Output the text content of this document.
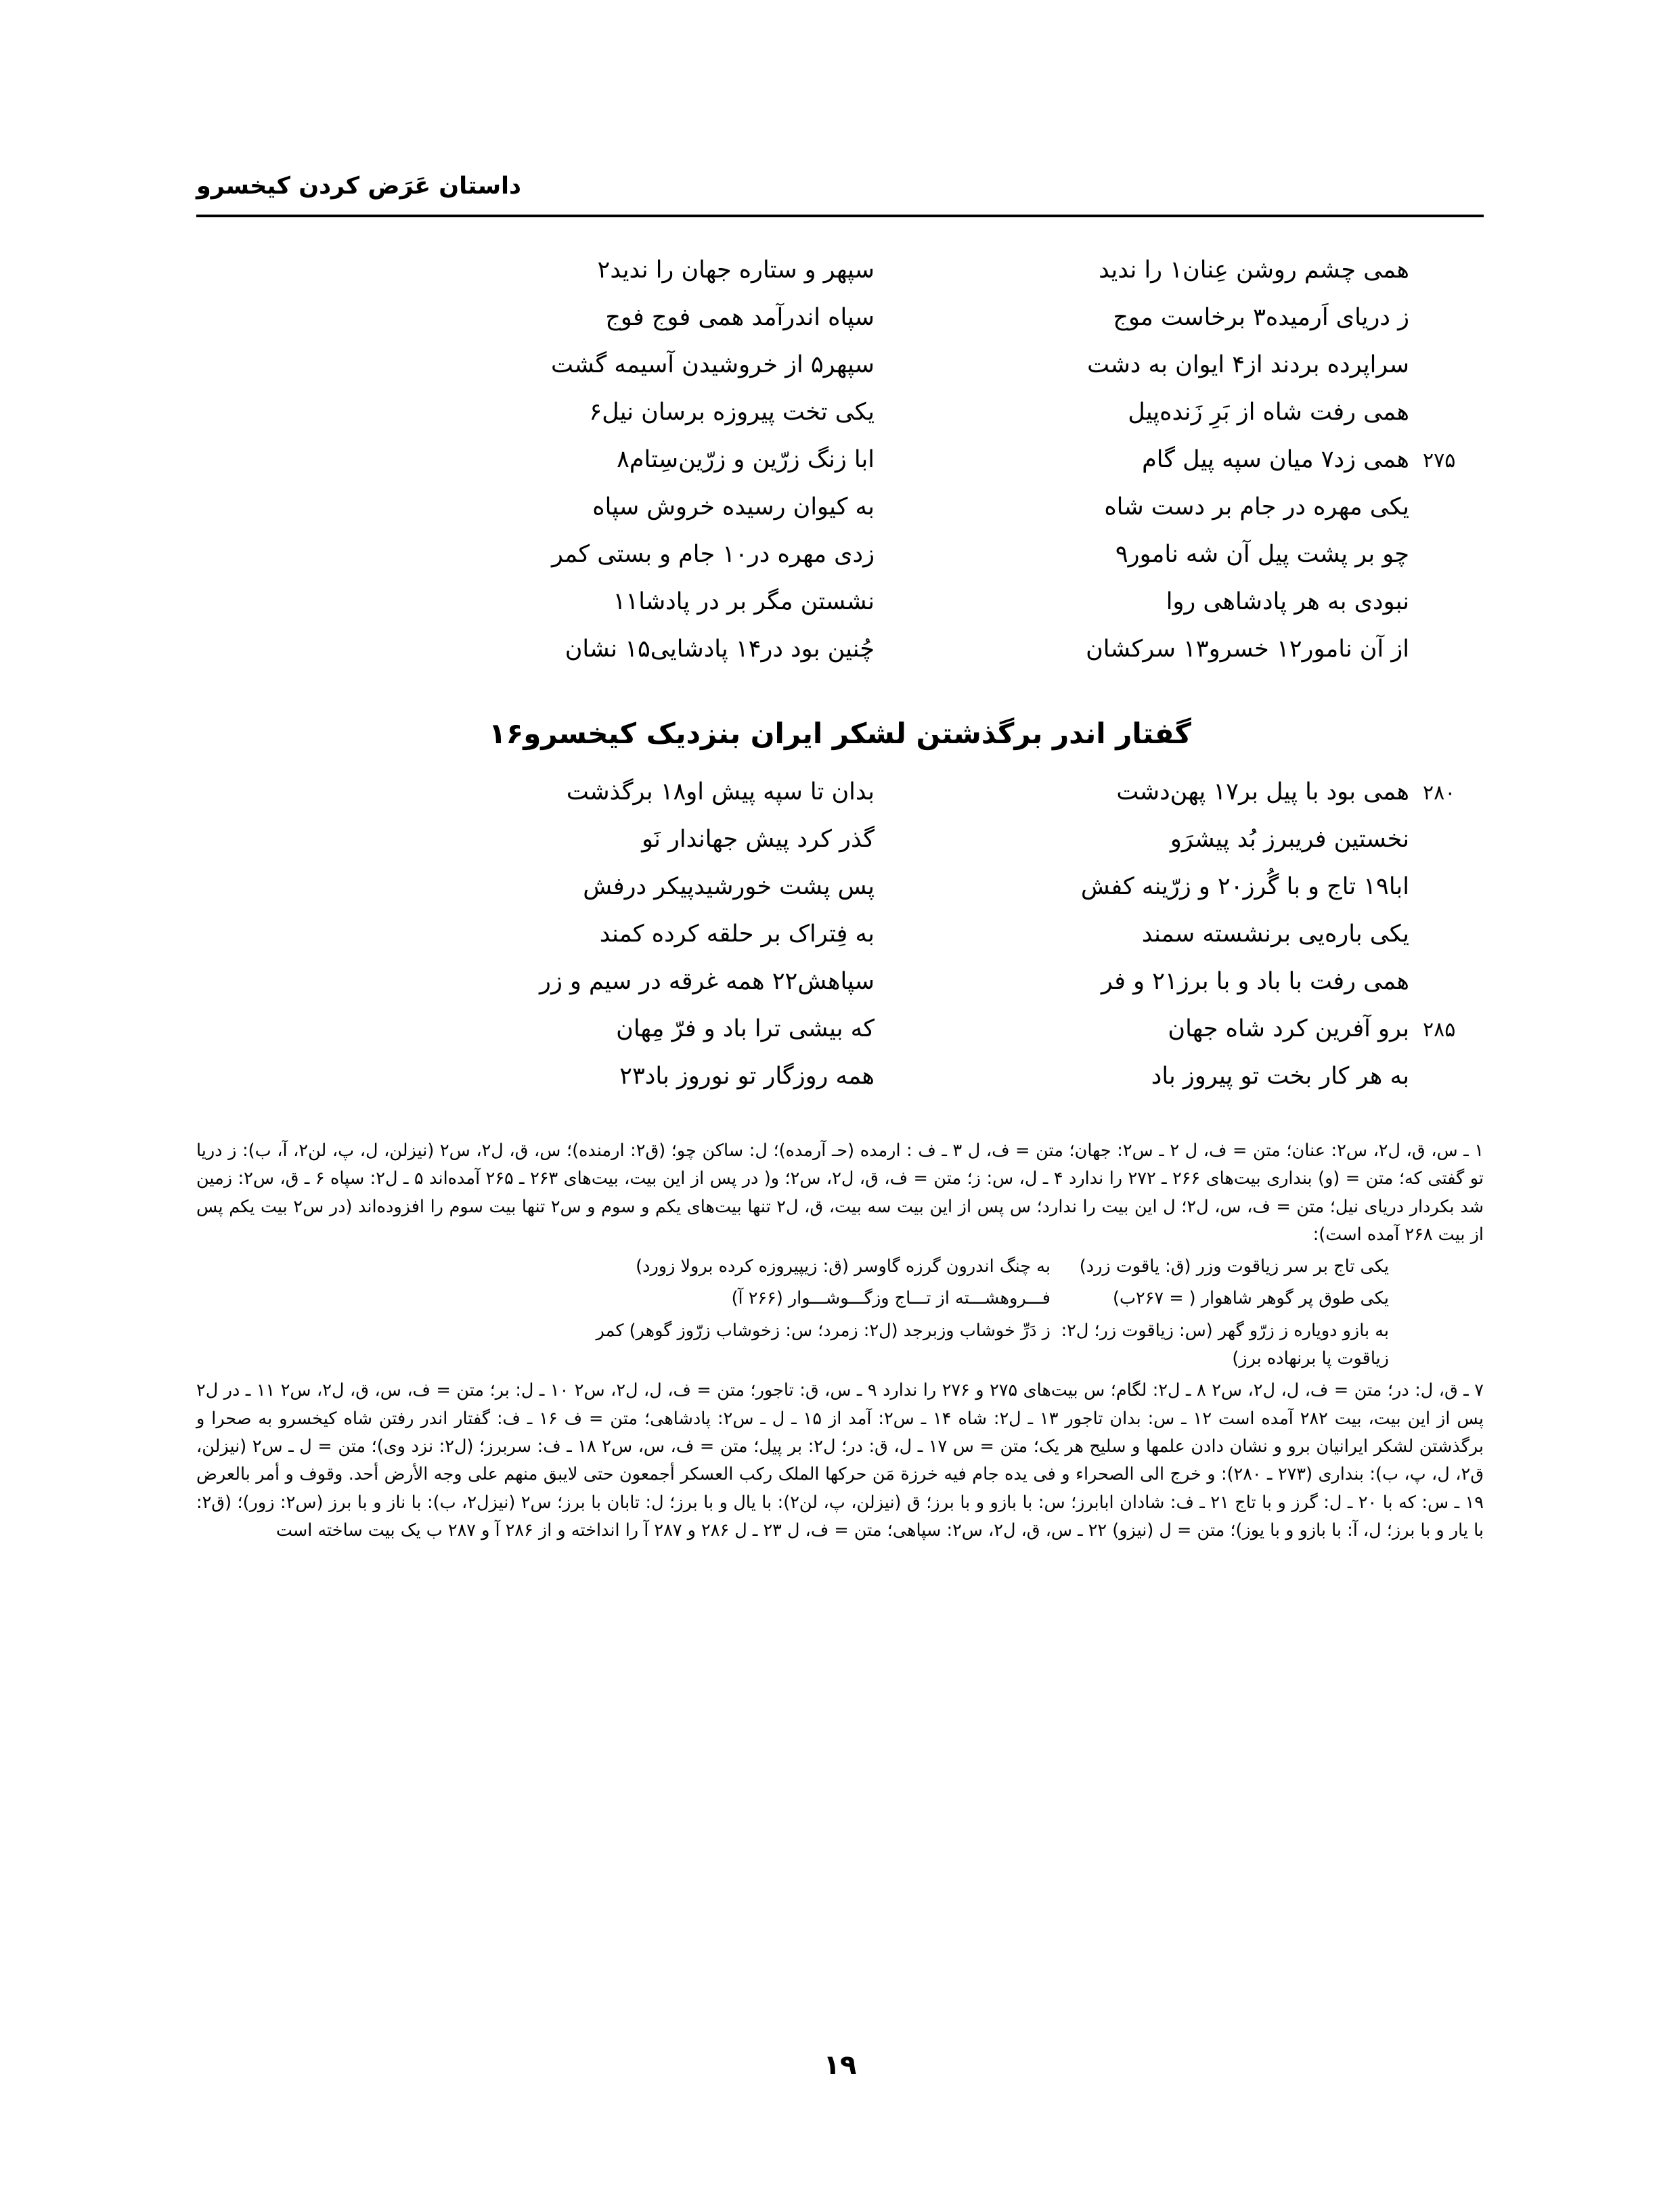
داستان عَرَض کردن کیخسرو
همی چشم روشن عِنان۱ را ندید
سپهر و ستاره جهان را ندید۲
ز دریای اَرمیده۳ برخاست موج
سپاه اندرآمد همی فوج فوج
سراپرده بردند از۴ ایوان به دشت
سپهر۵ از خروشیدن آسیمه گشت
همی رفت شاه از بَرِ زَنده‌پیل
یکی تخت پیروزه برسان نیل۶
۲۷۵
همی زد۷ میان سپه پیل گام
ابا زنگ زرّین و زرّین‌سِتام۸
یکی مهره در جام بر دست شاه
به کیوان رسیده خروش سپاه
چو بر پشت پیل آن شه نامور۹
زدی مهره در۱۰ جام و بستی کمر
نبودی به هر پادشاهی روا
نشستن مگر بر در پادشا۱۱
از آن نامور۱۲ خسرو۱۳ سرکشان
چُنین بود در۱۴ پادشایی۱۵ نشان
گفتار اندر برگذشتن لشکر ایران بنزدیک کیخسرو۱۶
۲۸۰
همی بود با پیل بر۱۷ پهن‌دشت
بدان تا سپه پیش او۱۸ برگذشت
نخستین فریبرز بُد پیشرَو
گذر کرد پیش جهاندار نَو
ابا۱۹ تاج و با گُرز۲۰ و زرّینه کفش
پس پشت خورشیدپیکر درفش
یکی باره‌یی برنشسته سمند
به فِتراک بر حلقه کرده کمند
همی رفت با باد و با برز۲۱ و فر
سپاهش۲۲ همه غرقه در سیم و زر
۲۸۵
برو آفرین کرد شاه جهان
که بیشی ترا باد و فرّ مِهان
به هر کار بخت تو پیروز باد
همه روزگار تو نوروز باد۲۳

۱ ـ س، ق، ل٢، س٢: عنان؛ متن = ف، ل ۲ ـ س٢: جهان؛ متن = ف، ل ۳ ـ ف : ارمده (حـ آرمده)؛ ل: ساکن چو؛ (ق٢: ارمنده)؛ س، ق، ل٢، س٢ (نیزلن، ل، پ، لن٢، آ، ب): ز دریا تو گفتی که؛ متن = (و) بنداری بیت‌های ۲۶۶ ـ ۲۷۲ را ندارد ۴ ـ ل، س: ز؛ متن = ف، ق، ل٢، س٢؛ و( در پس از این بیت، بیت‌های ۲۶۳ ـ ۲۶۵ آمده‌اند ۵ ـ ل٢: سپاه ۶ ـ ق، س٢: زمین شد بکردار دریای نیل؛ متن = ف، س، ل٢؛ ل این بیت را ندارد؛ س پس از این بیت سه بیت، ق، ل٢ تنها بیت‌های یکم و سوم و س٢ تنها بیت سوم را افزوده‌اند (در س٢ بیت یکم پس از بیت ۲۶۸ آمده است):

یکی تاج بر سر زیاقوت وزر (ق: یاقوت زرد)
به چنگ اندرون گرزه گاوسر (ق: زیپیروزه کرده برولا زورد)
یکی طوق پر گوهر شاهوار ( = ۲۶۷ب)
فـــروهشـــته از تـــاج وزگـــوشـــوار (۲۶۶ آ)
به بازو دویاره ز زرّو گهر (س: زیاقوت زر؛ ل٢: زیاقوت پا برنهاده برز)
ز دَرِّ خوشاب وزبرجد (ل٢: زمرد؛ س: زخوشاب زرّوز گوهر) کمر

۷ ـ ق، ل: در؛ متن = ف، ل، ل٢، س٢ ۸ ـ ل٢: لگام؛ س بیت‌های ۲۷۵ و ۲۷۶ را ندارد ۹ ـ س، ق: تاجور؛ متن = ف، ل، ل٢، س٢ ۱۰ ـ ل: بر؛ متن = ف، س، ق، ل٢، س٢ ۱۱ ـ در ل٢ پس از این بیت، بیت ۲۸۲ آمده است ۱۲ ـ س: بدان تاجور ۱۳ ـ ل٢: شاه ۱۴ ـ س٢: آمد از ۱۵ ـ ل ـ س٢: پادشاهی؛ متن = ف ۱۶ ـ ف: گفتار اندر رفتن شاه کیخسرو به صحرا و برگذشتن لشکر ایرانیان برو و نشان دادن علمها و سلیح هر یک؛ متن = س ۱۷ ـ ل، ق: در؛ ل٢: بر پیل؛ متن = ف، س، س٢ ۱۸ ـ ف: سربرز؛ (ل٢: نزد وی)؛ متن = ل ـ س٢ (نیزلن، ق٢، ل، پ، ب): بنداری (۲۷۳ ـ ۲۸۰): و خرج الی الصحراء و فی یده جام فیه خرزة مَن حرکها الملک رکب العسکر أجمعون حتی لایبق منهم علی وجه الأرض أحد. وقوف و أمر بالعرض ۱۹ ـ س: که با ۲۰ ـ ل: گرز و با تاج ۲۱ ـ ف: شادان ابابرز؛ س: با بازو و با برز؛ ق (نیزلن، پ، لن٢): با یال و با برز؛ ل: تابان با برز؛ س٢ (نیزل٢، ب): با ناز و با برز (س٢: زور)؛ (ق٢: با یار و با برز؛ ل، آ: با بازو و با یوز)؛ متن = ل (نیزو) ۲۲ ـ س، ق، ل٢، س٢: سپاهی؛ متن = ف، ل ۲۳ ـ ل ۲۸۶ و ۲۸۷ آ را انداخته و از ۲۸۶ آ و ۲۸۷ ب یک بیت ساخته است

۱۹
